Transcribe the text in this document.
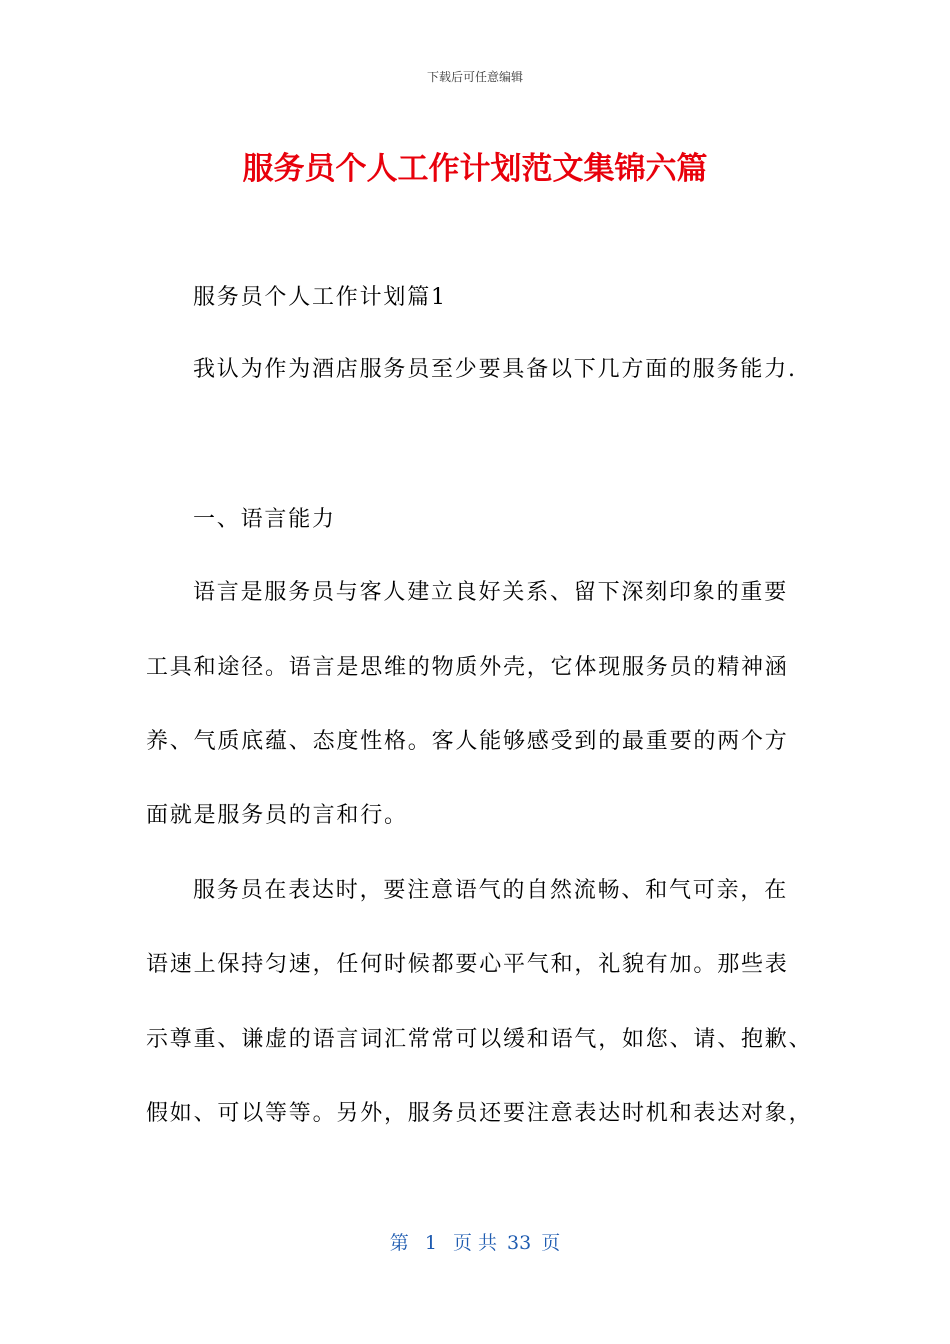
下载后可任意编辑
服务员个人工作计划范文集锦六篇
服务员个人工作计划篇1
我认为作为酒店服务员至少要具备以下几方面的服务能力.
一、语言能力
语言是服务员与客人建立良好关系、留下深刻印象的重要
工具和途径。语言是思维的物质外壳，它体现服务员的精神涵
养、气质底蕴、态度性格。客人能够感受到的最重要的两个方
面就是服务员的言和行。
服务员在表达时，要注意语气的自然流畅、和气可亲，在
语速上保持匀速，任何时候都要心平气和，礼貌有加。那些表
示尊重、谦虚的语言词汇常常可以缓和语气，如您、请、抱歉、
假如、可以等等。另外，服务员还要注意表达时机和表达对象，
第 1 页 共 33 页
